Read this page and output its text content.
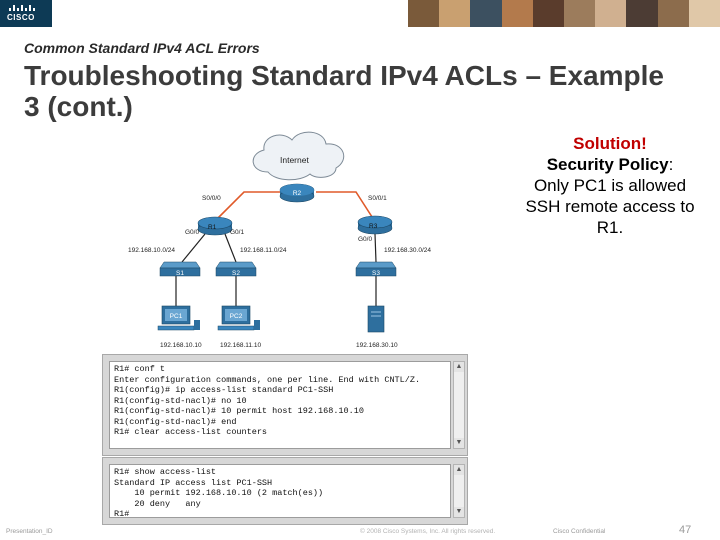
CISCO
Common Standard IPv4 ACL Errors
Troubleshooting Standard IPv4 ACLs – Example 3 (cont.)
Solution!
Security Policy:
Only PC1 is allowed SSH remote access to R1.
Internet
R2
R1	R3
S0/0/0	S0/0/1
G0/0	G0/1
G0/0
192.168.10.0/24	192.168.11.0/24	192.168.30.0/24
S1	S2	S3
PC1	PC2
192.168.10.10	192.168.11.10	192.168.30.10
R1# conf t
Enter configuration commands, one per line. End with CNTL/Z.
R1(config)# ip access-list standard PC1-SSH
R1(config-std-nacl)# no 10
R1(config-std-nacl)# 10 permit host 192.168.10.10
R1(config-std-nacl)# end
R1# clear access-list counters
▲
▼
R1# show access-list
Standard IP access list PC1-SSH
10 permit 192.168.10.10 (2 match(es))
20 deny   any
R1#
▲
▼
Presentation_ID	© 2008 Cisco Systems, Inc. All rights reserved.	Cisco Confidential	47
